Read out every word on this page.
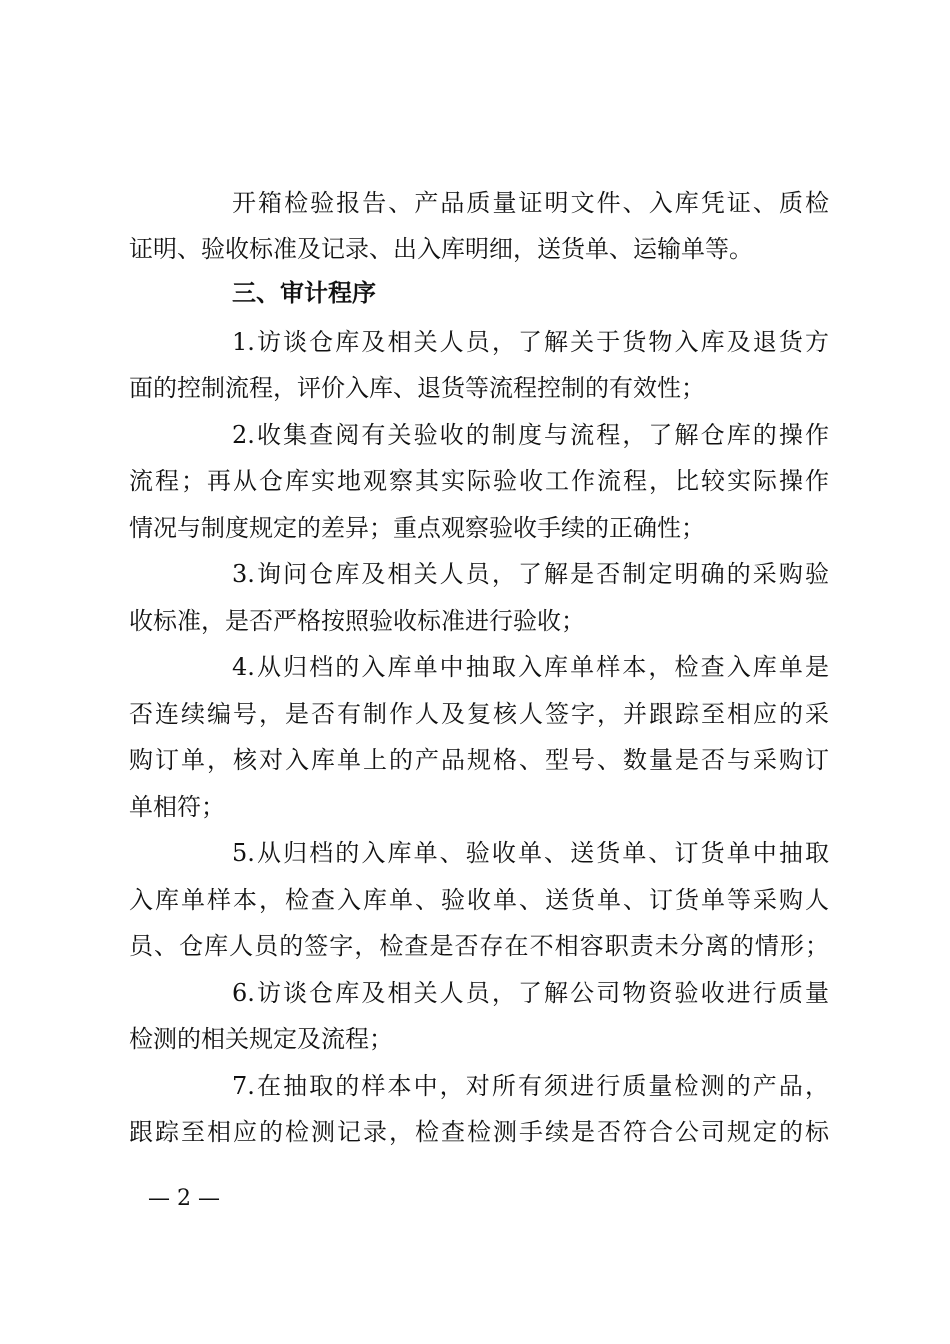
开箱检验报告、产品质量证明文件、入库凭证、质检
证明、验收标准及记录、出入库明细，送货单、运输单等。
三、审计程序
1.访谈仓库及相关人员，了解关于货物入库及退货方
面的控制流程，评价入库、退货等流程控制的有效性；
2.收集查阅有关验收的制度与流程，了解仓库的操作
流程；再从仓库实地观察其实际验收工作流程，比较实际操作
情况与制度规定的差异；重点观察验收手续的正确性；
3.询问仓库及相关人员，了解是否制定明确的采购验
收标准，是否严格按照验收标准进行验收；
4.从归档的入库单中抽取入库单样本，检查入库单是
否连续编号，是否有制作人及复核人签字，并跟踪至相应的采
购订单，核对入库单上的产品规格、型号、数量是否与采购订
单相符；
5.从归档的入库单、验收单、送货单、订货单中抽取
入库单样本，检查入库单、验收单、送货单、订货单等采购人
员、仓库人员的签字，检查是否存在不相容职责未分离的情形；
6.访谈仓库及相关人员，了解公司物资验收进行质量
检测的相关规定及流程；
7.在抽取的样本中，对所有须进行质量检测的产品，
跟踪至相应的检测记录，检查检测手续是否符合公司规定的标
— 2 —
